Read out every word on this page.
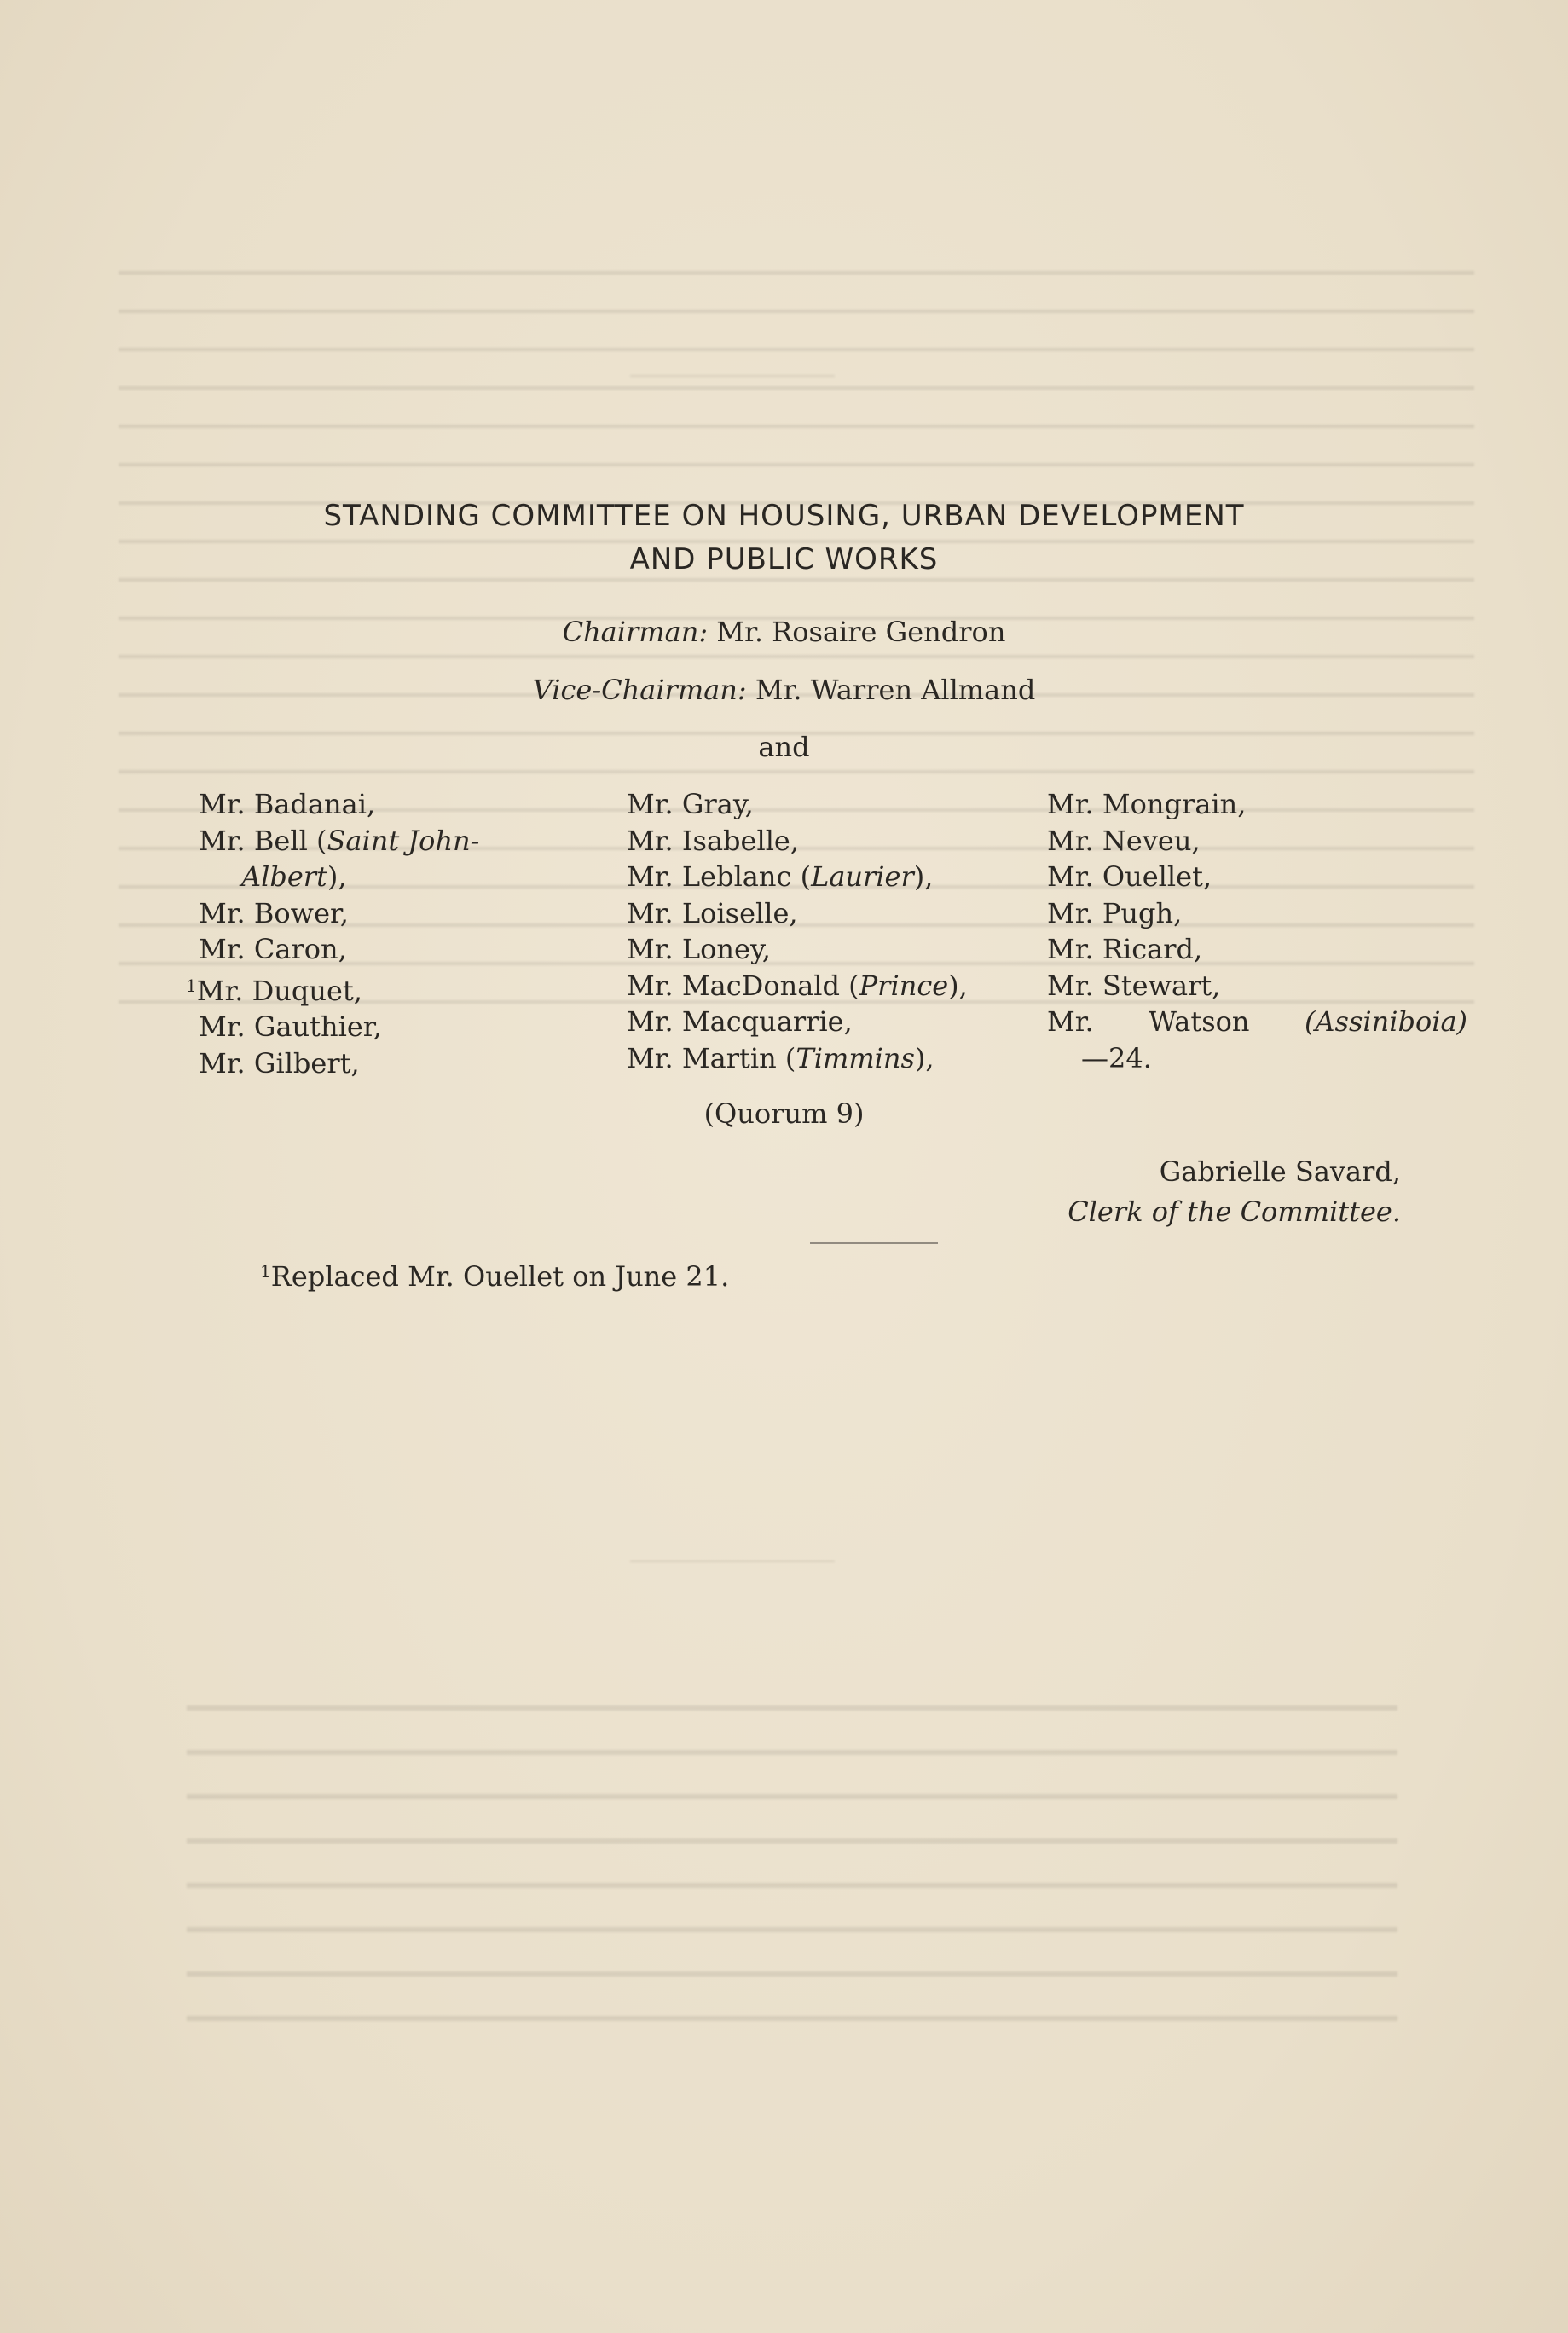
STANDING COMMITTEE ON HOUSING, URBAN DEVELOPMENT
AND PUBLIC WORKS
Chairman: Mr. Rosaire Gendron
Vice-Chairman: Mr. Warren Allmand
and
Mr. Badanai,
Mr. Bell (Saint John-
Albert),
Mr. Bower,
Mr. Caron,
$^1$Mr. Duquet,
Mr. Gauthier,
Mr. Gilbert,
Mr. Gray,
Mr. Isabelle,
Mr. Leblanc (Laurier),
Mr. Loiselle,
Mr. Loney,
Mr. MacDonald (Prince),
Mr. Macquarrie,
Mr. Martin (Timmins),
Mr. Mongrain,
Mr. Neveu,
Mr. Ouellet,
Mr. Pugh,
Mr. Ricard,
Mr. Stewart,
Mr. Watson (Assiniboia)
—24.
(Quorum 9)
Gabrielle Savard,
Clerk of the Committee.
$^1$Replaced Mr. Ouellet on June 21.
